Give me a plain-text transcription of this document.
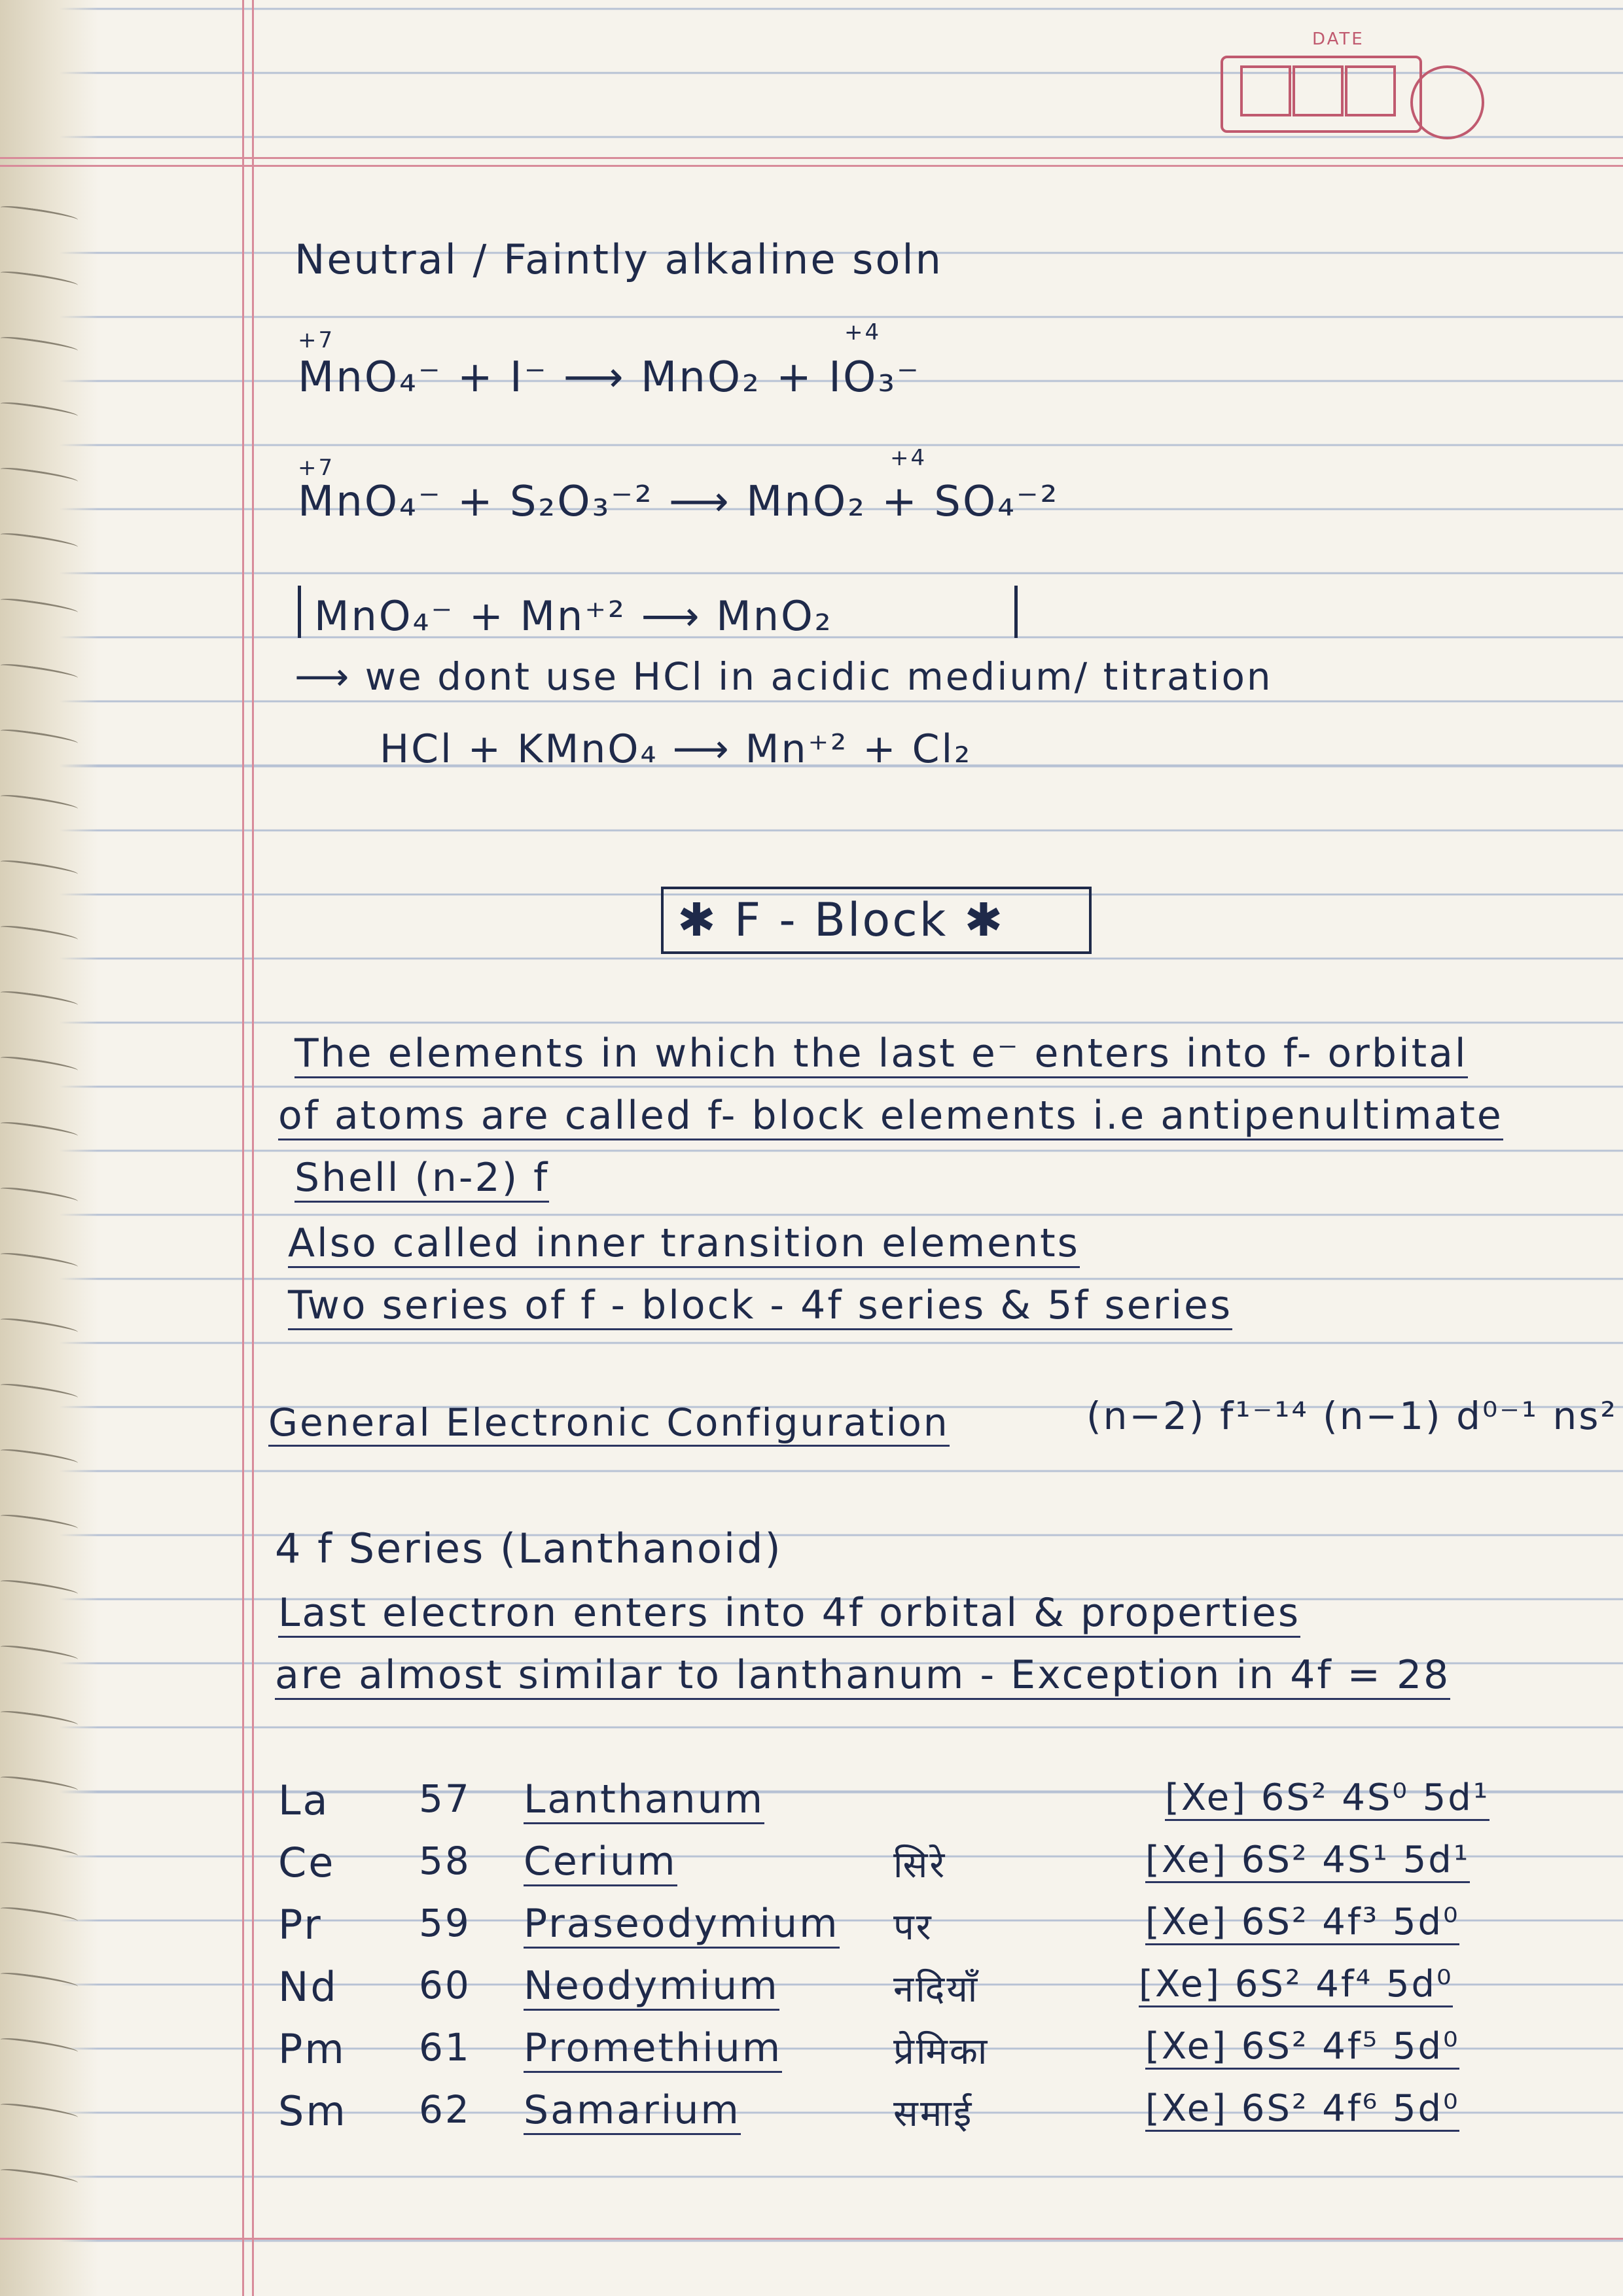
DATE
Neutral / Faintly alkaline soln
+7	+4
MnO₄⁻ + I⁻ ⟶ MnO₂ + IO₃⁻
+7	+4
MnO₄⁻ + S₂O₃⁻² ⟶ MnO₂ + SO₄⁻²
MnO₄⁻ + Mn⁺² ⟶ MnO₂
⟶ we dont use HCl in acidic medium/ titration
HCl + KMnO₄ ⟶ Mn⁺² + Cl₂
✱ F - Block ✱
The elements in which the last e⁻ enters into f- orbital
of atoms are called f- block elements i.e antipenultimate
Shell (n-2) f
Also called inner transition elements
Two series of f - block - 4f series & 5f series
General Electronic Configuration	(n−2) f¹⁻¹⁴ (n−1) d⁰⁻¹ ns²
4 f Series (Lanthanoid)
Last electron enters into 4f orbital & properties
are almost similar to lanthanum - Exception in 4f = 28
La 57 Lanthanum	[Xe] 6S² 4S⁰ 5d¹
Ce 58 Cerium	सिरे	[Xe] 6S² 4S¹ 5d¹
Pr	59 Praseodymium पर	[Xe] 6S² 4f³ 5d⁰
Nd 60 Neodymium	नदियाँ	[Xe] 6S² 4f⁴ 5d⁰
Pm 61 Promethium	प्रेमिका	[Xe] 6S² 4f⁵ 5d⁰
Sm 62 Samarium	समाई	[Xe] 6S² 4f⁶ 5d⁰
